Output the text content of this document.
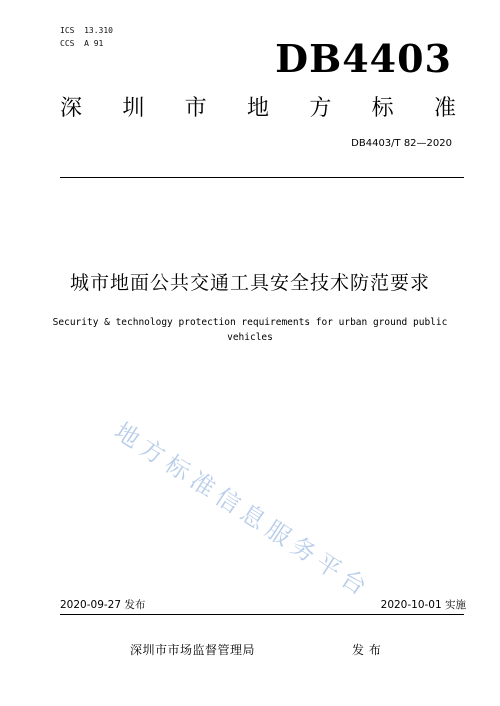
ICS  13.310
CCS  A 91	DB4403
深 圳 市 地 方 标 准
DB4403/T 82—2020
城市地面公共交通工具安全技术防范要求
Security & technology protection requirements for urban ground public
vehicles
地方标准信息服务平台
2020-09-27 发布	2020-10-01 实施
深圳市市场监督管理局	发 布
